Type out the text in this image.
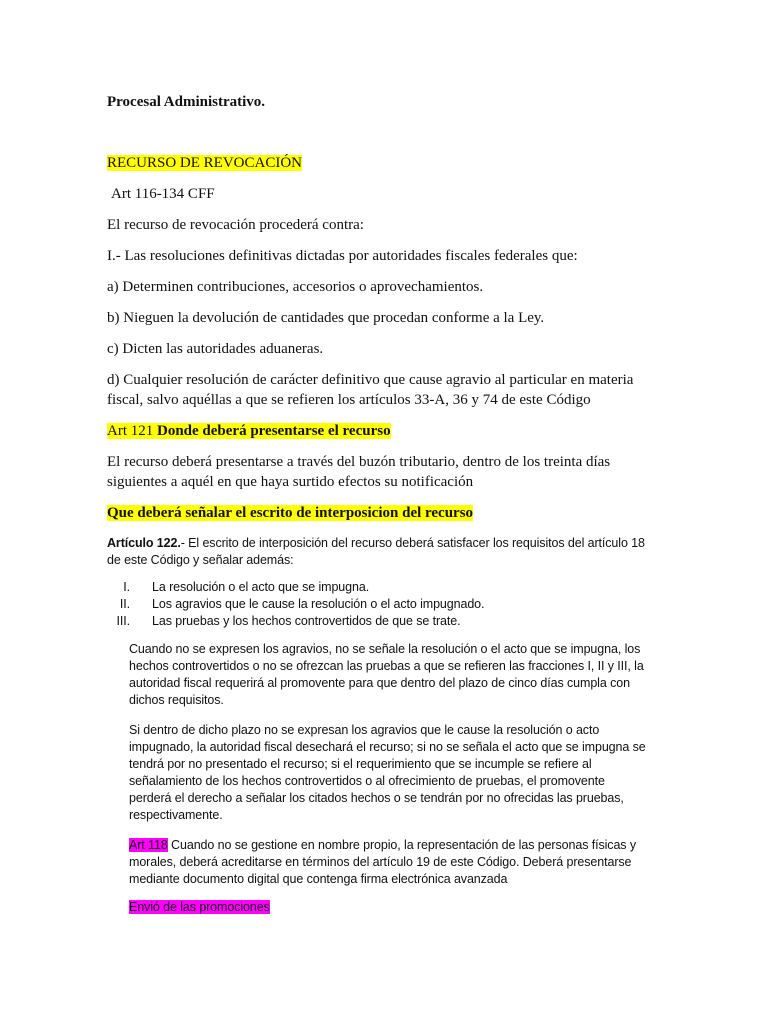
Procesal Administrativo.
RECURSO DE REVOCACIÓN
Art 116-134 CFF
El recurso de revocación procederá contra:
I.- Las resoluciones definitivas dictadas por autoridades fiscales federales que:
a) Determinen contribuciones, accesorios o aprovechamientos.
b) Nieguen la devolución de cantidades que procedan conforme a la Ley.
c) Dicten las autoridades aduaneras.
d) Cualquier resolución de carácter definitivo que cause agravio al particular en materia
fiscal, salvo aquéllas a que se refieren los artículos 33-A, 36 y 74 de este Código
Art 121 Donde deberá presentarse el recurso
El recurso deberá presentarse a través del buzón tributario, dentro de los treinta días
siguientes a aquél en que haya surtido efectos su notificación
Que deberá señalar el escrito de interposicion del recurso
Artículo 122.- El escrito de interposición del recurso deberá satisfacer los requisitos del artículo 18
de este Código y señalar además:
I. La resolución o el acto que se impugna.
II. Los agravios que le cause la resolución o el acto impugnado.
III. Las pruebas y los hechos controvertidos de que se trate.
Cuando no se expresen los agravios, no se señale la resolución o el acto que se impugna, los
hechos controvertidos o no se ofrezcan las pruebas a que se refieren las fracciones I, II y III, la
autoridad fiscal requerirá al promovente para que dentro del plazo de cinco días cumpla con
dichos requisitos.
Si dentro de dicho plazo no se expresan los agravios que le cause la resolución o acto
impugnado, la autoridad fiscal desechará el recurso; si no se señala el acto que se impugna se
tendrá por no presentado el recurso; si el requerimiento que se incumple se refiere al
señalamiento de los hechos controvertidos o al ofrecimiento de pruebas, el promovente
perderá el derecho a señalar los citados hechos o se tendrán por no ofrecidas las pruebas,
respectivamente.
Art 118 Cuando no se gestione en nombre propio, la representación de las personas físicas y
morales, deberá acreditarse en términos del artículo 19 de este Código. Deberá presentarse
mediante documento digital que contenga firma electrónica avanzada
Envió de las promociones
